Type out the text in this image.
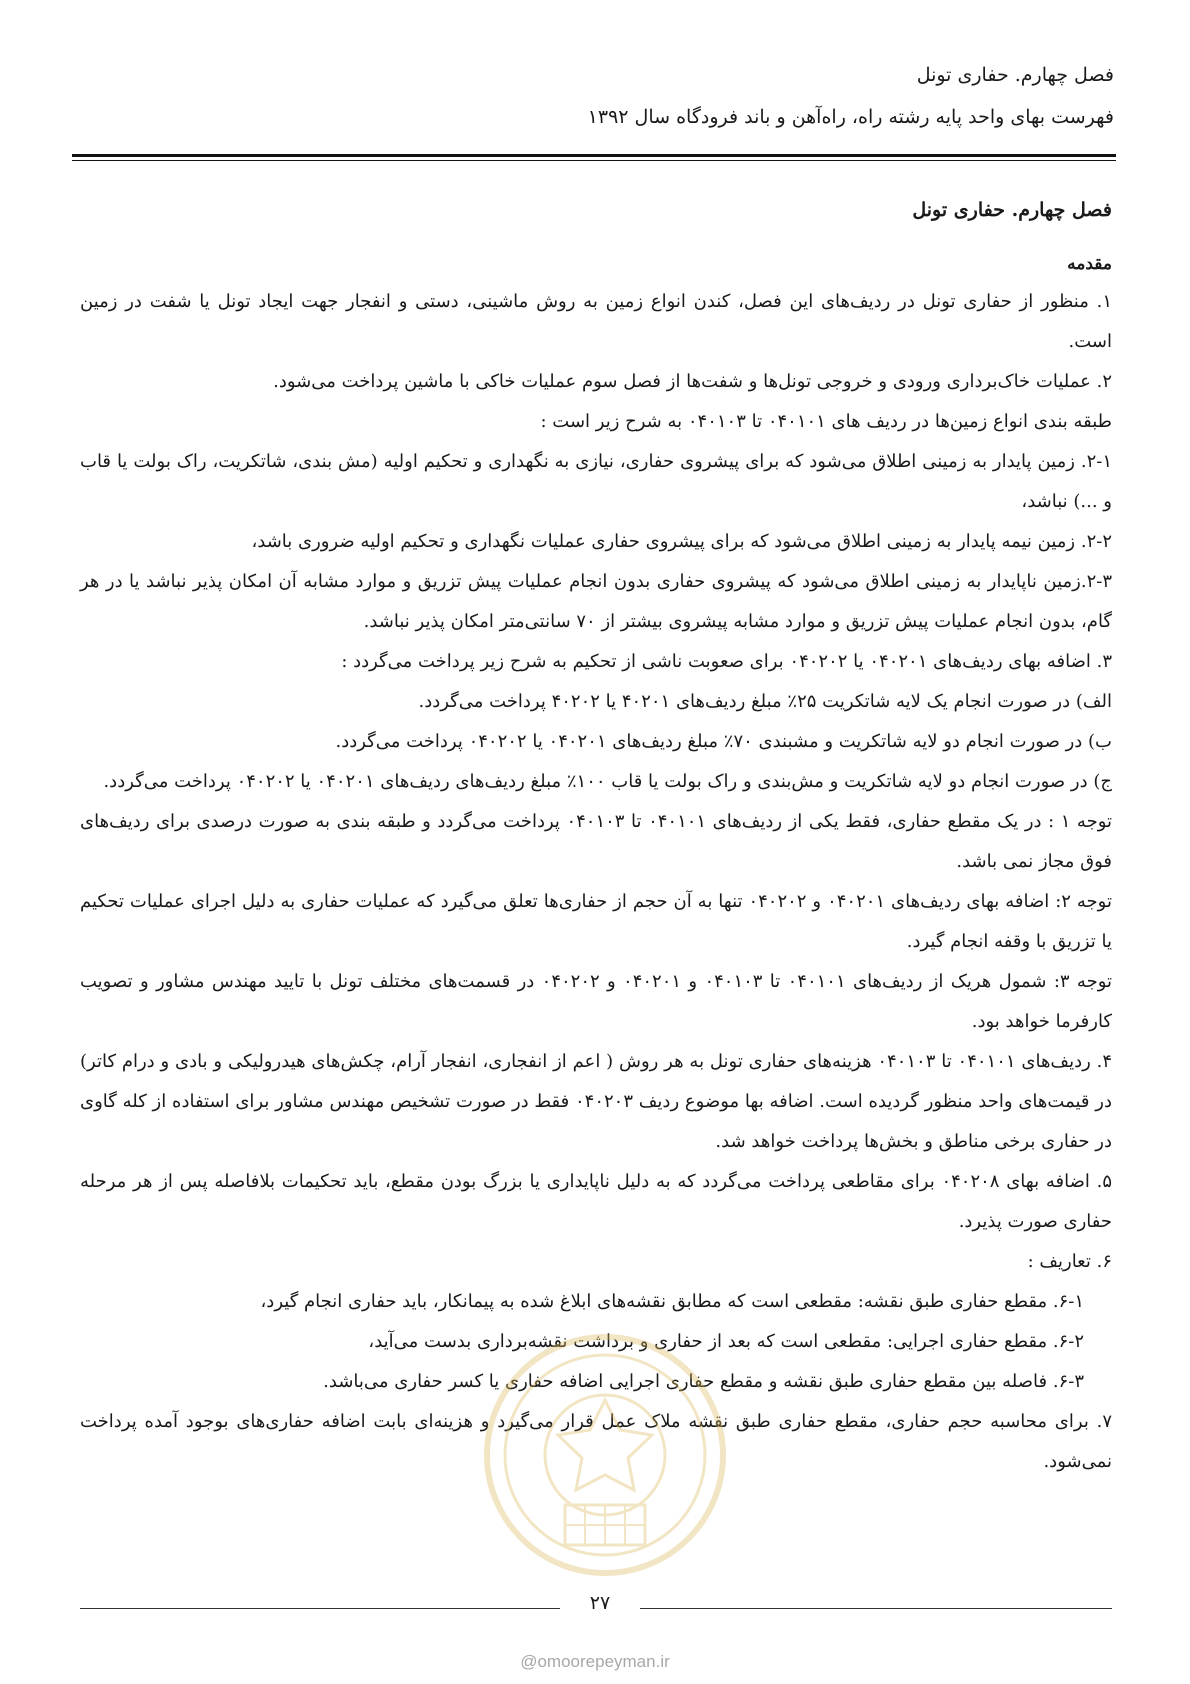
فصل چهارم. حفاری تونل
فهرست بهای واحد پایه رشته راه، راه‌آهن و باند فرودگاه سال ۱۳۹۲
فصل چهارم. حفاری تونل
مقدمه

۱. منظور از حفاری تونل در ردیف‌های این فصل، کندن انواع زمین به روش ماشینی، دستی و انفجار جهت ایجاد تونل یا شفت در زمین است.

۲. عملیات خاک‌برداری ورودی و خروجی تونل‌ها و شفت‌ها از فصل سوم عملیات خاکی با ماشین پرداخت می‌شود.

طبقه بندی انواع زمین‌ها در ردیف های ۰۴۰۱۰۱ تا ۰۴۰۱۰۳ به شرح زیر است :

۲-۱. زمین پایدار به زمینی اطلاق می‌شود که برای پیشروی حفاری، نیازی به نگهداری و تحکیم اولیه (مش بندی، شاتکریت، راک بولت یا قاب و ...) نباشد،

۲-۲. زمین نیمه پایدار به زمینی اطلاق می‌شود که برای پیشروی حفاری عملیات نگهداری و تحکیم اولیه ضروری باشد،

۲-۳.زمین ناپایدار به زمینی اطلاق می‌شود که پیشروی حفاری بدون انجام عملیات پیش تزریق و موارد مشابه آن امکان پذیر نباشد یا در هر گام، بدون انجام عملیات پیش تزریق و موارد مشابه پیشروی بیشتر از ۷۰ سانتی‌متر امکان پذیر نباشد.

۳. اضافه بهای ردیف‌های ۰۴۰۲۰۱ یا ۰۴۰۲۰۲ برای صعوبت ناشی از تحکیم به شرح زیر پرداخت می‌گردد :

الف) در صورت انجام یک لایه شاتکریت ۲۵٪ مبلغ ردیف‌های ۴۰۲۰۱ یا ۴۰۲۰۲ پرداخت می‌گردد.

ب) در صورت انجام دو لایه شاتکریت و مشبندی ۷۰٪ مبلغ ردیف‌های ۰۴۰۲۰۱ یا ۰۴۰۲۰۲ پرداخت می‌گردد.

ج) در صورت انجام دو لایه شاتکریت و مش‌بندی و راک بولت یا قاب ۱۰۰٪ مبلغ ردیف‌های ردیف‌های ۰۴۰۲۰۱ یا ۰۴۰۲۰۲ پرداخت می‌گردد.

توجه ۱ : در یک مقطع حفاری، فقط یکی از ردیف‌های ۰۴۰۱۰۱ تا ۰۴۰۱۰۳ پرداخت می‌گردد و طبقه بندی به صورت درصدی برای ردیف‌های فوق مجاز نمی باشد.

توجه ۲: اضافه بهای ردیف‌های ۰۴۰۲۰۱ و ۰۴۰۲۰۲ تنها به آن حجم از حفاری‌ها تعلق می‌گیرد که عملیات حفاری به دلیل اجرای عملیات تحکیم یا تزریق با وقفه انجام گیرد.

توجه ۳: شمول هریک از ردیف‌های ۰۴۰۱۰۱ تا ۰۴۰۱۰۳ و ۰۴۰۲۰۱ و ۰۴۰۲۰۲ در قسمت‌های مختلف تونل با تایید مهندس مشاور و تصویب کارفرما خواهد بود.

۴. ردیف‌های ۰۴۰۱۰۱ تا ۰۴۰۱۰۳ هزینه‌های حفاری تونل به هر روش ( اعم از انفجاری، انفجار آرام، چکش‌های هیدرولیکی و بادی و درام کاتر) در قیمت‌های واحد منظور گردیده است. اضافه بها موضوع ردیف ۰۴۰۲۰۳ فقط در صورت تشخیص مهندس مشاور برای استفاده از کله گاوی در حفاری برخی مناطق و بخش‌ها پرداخت خواهد شد.

۵. اضافه بهای ۰۴۰۲۰۸ برای مقاطعی پرداخت می‌گردد که به دلیل ناپایداری یا بزرگ بودن مقطع، باید تحکیمات بلافاصله پس از هر مرحله حفاری صورت پذیرد.

۶. تعاریف :

۶-۱. مقطع حفاری طبق نقشه: مقطعی است که مطابق نقشه‌های ابلاغ شده به پیمانکار، باید حفاری انجام گیرد،

۶-۲. مقطع حفاری اجرایی: مقطعی است که بعد از حفاری و برداشت نقشه‌برداری بدست می‌آید،

۶-۳. فاصله بین مقطع حفاری طبق نقشه و مقطع حفاری اجرایی اضافه حفاری یا کسر حفاری می‌باشد.

۷. برای محاسبه حجم حفاری، مقطع حفاری طبق نقشه ملاک عمل قرار می‌گیرد و هزینه‌ای بابت اضافه حفاری‌های بوجود آمده پرداخت نمی‌شود.

۲۷
@omoorepeyman.ir
